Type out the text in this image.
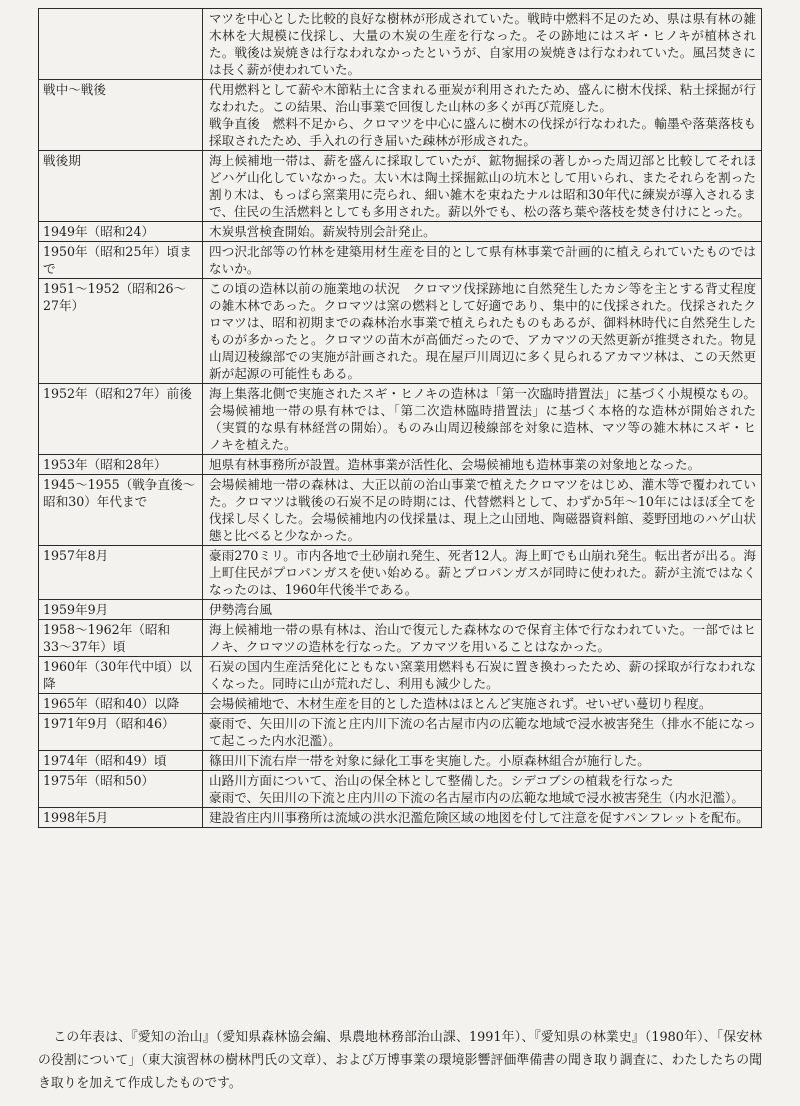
	マツを中心とした比較的良好な樹林が形成されていた。戦時中燃料不足のため、県は県有林の雑木林を大規模に伐採し、大量の木炭の生産を行なった。その跡地にはスギ・ヒノキが植林された。戦後は炭焼きは行なわれなかったというが、自家用の炭焼きは行なわれていた。風呂焚きには長く薪が使われていた。

戦中〜戦後	代用燃料として薪や木節粘土に含まれる亜炭が利用されたため、盛んに樹木伐採、粘土採掘が行なわれた。この結果、治山事業で回復した山林の多くが再び荒廃した。
戦争直後　燃料不足から、クロマツを中心に盛んに樹木の伐採が行なわれた。輸墨や落葉落枝も採取されたため、手入れの行き届いた疎林が形成された。

戦後期	海上候補地一帯は、薪を盛んに採取していたが、鉱物掘採の著しかった周辺部と比較してそれほどハゲ山化していなかった。太い木は陶土採掘鉱山の坑木として用いられ、またそれらを割った割り木は、もっぱら窯業用に売られ、細い雑木を束ねたナルは昭和30年代に練炭が導入されるまで、住民の生活燃料としても多用された。薪以外でも、松の落ち葉や落枝を焚き付けにとった。

1949年（昭和24）	木炭県営検査開始。薪炭特別会計発止。

1950年（昭和25年）頃まで	四つ沢北部等の竹林を建築用材生産を目的として県有林事業で計画的に植えられていたものではないか。

1951〜1952（昭和26〜27年）	この頃の造林以前の施業地の状況　クロマツ伐採跡地に自然発生したカシ等を主とする背丈程度の雑木林であった。クロマツは窯の燃料として好適であり、集中的に伐採された。伐採されたクロマツは、昭和初期までの森林治水事業で植えられたものもあるが、御料林時代に自然発生したものが多かったと。クロマツの苗木が高価だったので、アカマツの天然更新が推奨された。物見山周辺稜線部での実施が計画された。現在屋戸川周辺に多く見られるアカマツ林は、この天然更新が起源の可能性もある。

1952年（昭和27年）前後	海上集落北側で実施されたスギ・ヒノキの造林は「第一次臨時措置法」に基づく小規模なもの。会場候補地一帯の県有林では、「第二次造林臨時措置法」に基づく本格的な造林が開始された（実質的な県有林経営の開始）。ものみ山周辺稜線部を対象に造林、マツ等の雑木林にスギ・ヒノキを植えた。

1953年（昭和28年）	旭県有林事務所が設置。造林事業が活性化、会場候補地も造林事業の対象地となった。

1945〜1955（戦争直後〜昭和30）年代まで	会場候補地一帯の森林は、大正以前の治山事業で植えたクロマツをはじめ、灌木等で覆われていた。クロマツは戦後の石炭不足の時期には、代替燃料として、わずか5年〜10年にはほぼ全てを伐採し尽くした。会場候補地内の伐採量は、現上之山団地、陶磁器資料館、菱野団地のハゲ山状態と比べると少なかった。

1957年8月	豪雨270ミリ。市内各地で土砂崩れ発生、死者12人。海上町でも山崩れ発生。転出者が出る。海上町住民がプロパンガスを使い始める。薪とプロパンガスが同時に使われた。薪が主流ではなくなったのは、1960年代後半である。

1959年9月	伊勢湾台風

1958〜1962年（昭和33〜37年）頃	海上候補地一帯の県有林は、治山で復元した森林なので保育主体で行なわれていた。一部ではヒノキ、クロマツの造林を行なった。アカマツを用いることはなかった。

1960年（30年代中頃）以降	石炭の国内生産活発化にともない窯業用燃料も石炭に置き換わったため、薪の採取が行なわれなくなった。同時に山が荒れだし、利用も減少した。

1965年（昭和40）以降	会場候補地で、木材生産を目的とした造林はほとんど実施されず。せいぜい蔓切り程度。

1971年9月（昭和46）	豪雨で、矢田川の下流と庄内川下流の名古屋市内の広範な地域で浸水被害発生（排水不能になって起こった内水氾濫）。

1974年（昭和49）頃	篠田川下流右岸一帯を対象に緑化工事を実施した。小原森林組合が施行した。

1975年（昭和50）	山路川方面について、治山の保全林として整備した。シデコブシの植栽を行なった
豪雨で、矢田川の下流と庄内川の下流の名古屋市内の広範な地域で浸水被害発生（内水氾濫）。

1998年5月	建設省庄内川事務所は流域の洪水氾濫危険区域の地図を付して注意を促すパンフレットを配布。

この年表は、『愛知の治山』（愛知県森林協会編、県農地林務部治山課、1991年）、『愛知県の林業史』（1980年）、「保安林の役割について」（東大演習林の樹林門氏の文章）、および万博事業の環境影響評価準備書の聞き取り調査に、わたしたちの聞き取りを加えて作成したものです。
